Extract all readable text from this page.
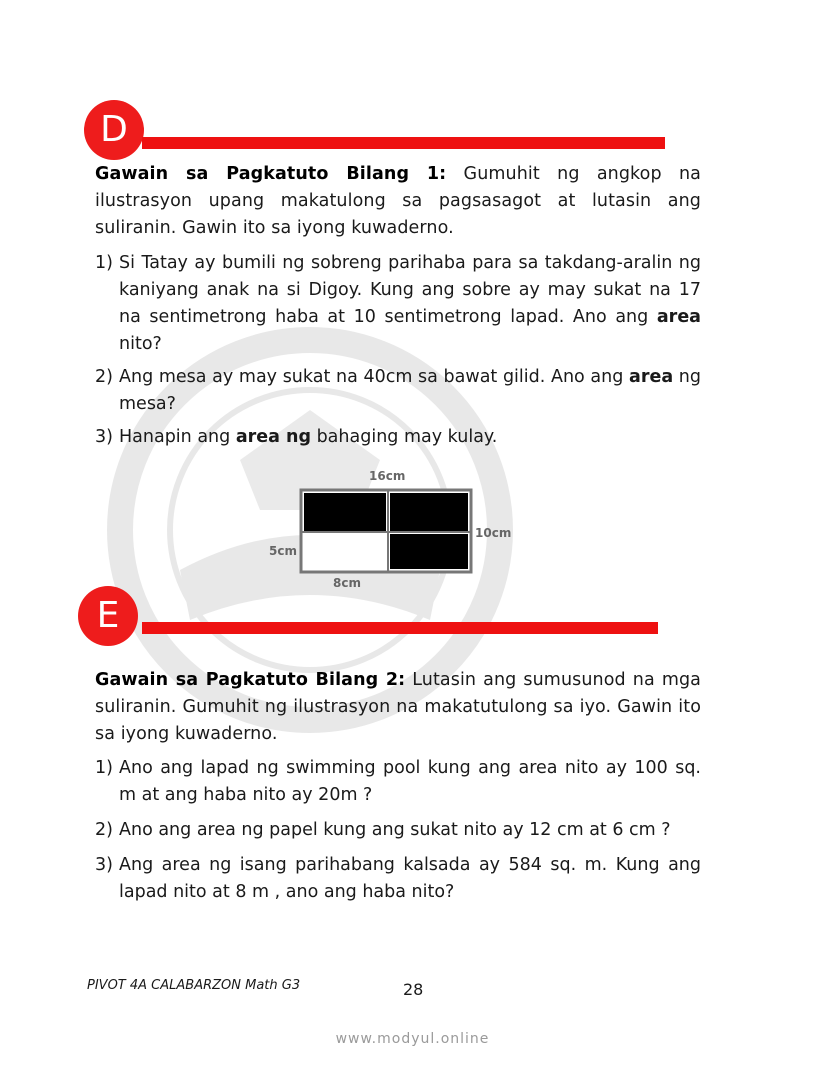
D
Gawain sa Pagkatuto Bilang 1: Gumuhit ng angkop na ilustrasyon upang makatulong sa pagsasagot at lutasin ang suliranin. Gawin ito sa iyong kuwaderno.
1) Si Tatay ay bumili ng sobreng parihaba para sa takdang-aralin ng kaniyang anak na si Digoy. Kung ang sobre ay may sukat na 17 na sentimetrong haba at 10 sentimetrong lapad. Ano ang area nito?
2) Ang mesa ay may sukat na 40cm sa bawat gilid. Ano ang area ng mesa?
3) Hanapin ang area ng bahaging may kulay.
16cm
10cm
5cm
8cm
E
Gawain sa Pagkatuto Bilang 2: Lutasin ang sumusunod na mga suliranin. Gumuhit ng ilustrasyon na makatutulong sa iyo. Gawin ito sa iyong kuwaderno.
1) Ano ang lapad ng swimming pool kung ang area nito ay 100 sq. m at ang haba nito ay 20m ?
2) Ano ang area ng papel kung ang sukat nito ay 12 cm at 6 cm ?
3) Ang area ng isang parihabang kalsada ay 584 sq. m. Kung ang lapad nito at 8 m , ano ang haba nito?
PIVOT 4A CALABARZON Math G3	28
www.modyul.online
